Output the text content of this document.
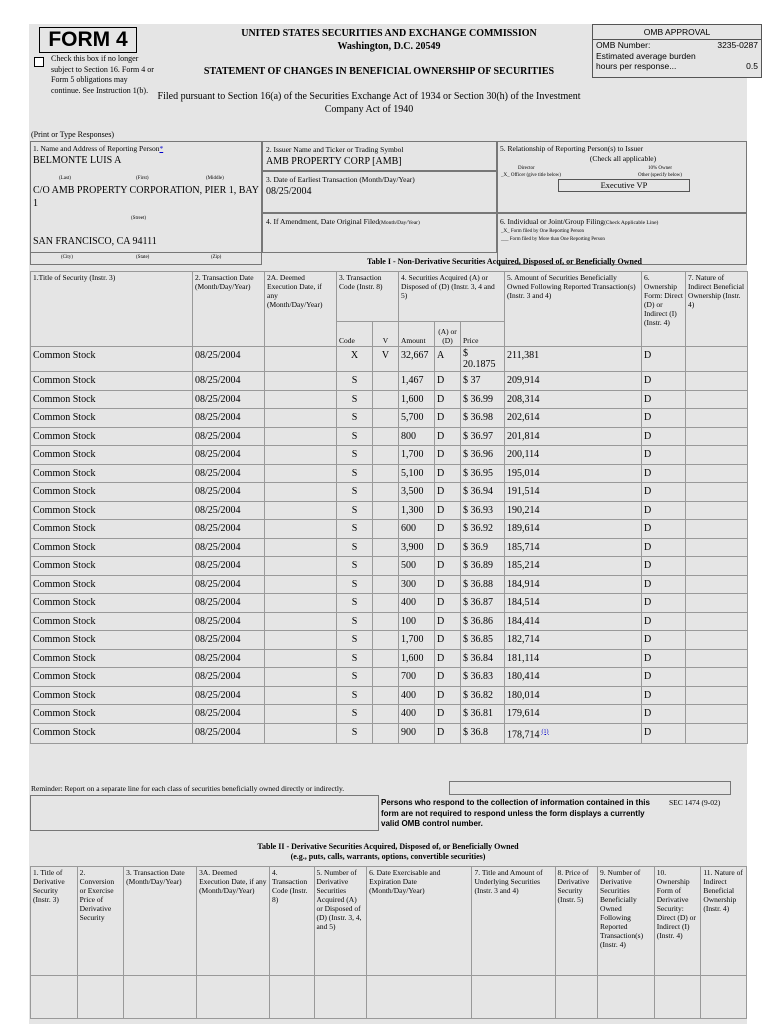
FORM 4
Check this box if no longer subject to Section 16. Form 4 or Form 5 obligations may continue. See Instruction 1(b).
UNITED STATES SECURITIES AND EXCHANGE COMMISSION
Washington, D.C. 20549
STATEMENT OF CHANGES IN BENEFICIAL OWNERSHIP OF SECURITIES
Filed pursuant to Section 16(a) of the Securities Exchange Act of 1934 or Section 30(h) of the Investment Company Act of 1940
OMB APPROVAL
OMB Number:	3235-0287
Estimated average burden
hours per response...	0.5
(Print or Type Responses)
1. Name and Address of Reporting Person*
BELMONTE LUIS A
(Last)	(First)	(Middle)
C/O AMB PROPERTY CORPORATION, PIER 1, BAY 1
(Street)
SAN FRANCISCO, CA 94111
(City)	(State)	(Zip)
2. Issuer Name and Ticker or Trading Symbol
AMB PROPERTY CORP [AMB]
3. Date of Earliest Transaction (Month/Day/Year)
08/25/2004
4. If Amendment, Date Original Filed(Month/Day/Year)
5. Relationship of Reporting Person(s) to Issuer
(Check all applicable)
Director	10% Owner
_X_ Officer (give title below)	Other (specify below)
Executive VP
6. Individual or Joint/Group Filing(Check Applicable Line)
_X_ Form filed by One Reporting Person
___ Form filed by More than One Reporting Person
Table I - Non-Derivative Securities Acquired, Disposed of, or Beneficially Owned
1.Title of Security (Instr. 3)	2. Transaction Date (Month/Day/Year)	2A. Deemed Execution Date, if any (Month/Day/Year)	3. Transaction Code (Instr. 8)		4. Securities Acquired (A) or Disposed of (D) (Instr. 3, 4 and 5)			5. Amount of Securities Beneficially Owned Following Reported Transaction(s) (Instr. 3 and 4)	6. Ownership Form: Direct (D) or Indirect (I) (Instr. 4)	7. Nature of Indirect Beneficial Ownership (Instr. 4)
			Code	V	Amount	(A) or (D)	Price			
Common Stock	08/25/2004		X	V	32,667	A	$ 20.1875	211,381	D	
Common Stock	08/25/2004		S		1,467	D	$ 37	209,914	D	
Common Stock	08/25/2004		S		1,600	D	$ 36.99	208,314	D	
Common Stock	08/25/2004		S		5,700	D	$ 36.98	202,614	D	
Common Stock	08/25/2004		S		800	D	$ 36.97	201,814	D	
Common Stock	08/25/2004		S		1,700	D	$ 36.96	200,114	D	
Common Stock	08/25/2004		S		5,100	D	$ 36.95	195,014	D	
Common Stock	08/25/2004		S		3,500	D	$ 36.94	191,514	D	
Common Stock	08/25/2004		S		1,300	D	$ 36.93	190,214	D	
Common Stock	08/25/2004		S		600	D	$ 36.92	189,614	D	
Common Stock	08/25/2004		S		3,900	D	$ 36.9	185,714	D	
Common Stock	08/25/2004		S		500	D	$ 36.89	185,214	D	
Common Stock	08/25/2004		S		300	D	$ 36.88	184,914	D	
Common Stock	08/25/2004		S		400	D	$ 36.87	184,514	D	
Common Stock	08/25/2004		S		100	D	$ 36.86	184,414	D	
Common Stock	08/25/2004		S		1,700	D	$ 36.85	182,714	D	
Common Stock	08/25/2004		S		1,600	D	$ 36.84	181,114	D	
Common Stock	08/25/2004		S		700	D	$ 36.83	180,414	D	
Common Stock	08/25/2004		S		400	D	$ 36.82	180,014	D	
Common Stock	08/25/2004		S		400	D	$ 36.81	179,614	D	
Common Stock	08/25/2004		S		900	D	$ 36.8	178,714 $^{(1)}$	D	
Reminder: Report on a separate line for each class of securities beneficially owned directly or indirectly.
Persons who respond to the collection of information contained in this form are not required to respond unless the form displays a currently valid OMB control number.
SEC 1474 (9-02)
Table II - Derivative Securities Acquired, Disposed of, or Beneficially Owned
(e.g., puts, calls, warrants, options, convertible securities)
1. Title of Derivative Security (Instr. 3)	2. Conversion or Exercise Price of Derivative Security	3. Transaction Date (Month/Day/Year)	3A. Deemed Execution Date, if any (Month/Day/Year)	4. Transaction Code (Instr. 8)	5. Number of Derivative Securities Acquired (A) or Disposed of (D) (Instr. 3, 4, and 5)	6. Date Exercisable and Expiration Date (Month/Day/Year)	7. Title and Amount of Underlying Securities (Instr. 3 and 4)	8. Price of Derivative Security (Instr. 5)	9. Number of Derivative Securities Beneficially Owned Following Reported Transaction(s) (Instr. 4)	10. Ownership Form of Derivative Security: Direct (D) or Indirect (I) (Instr. 4)	11. Nature of Indirect Beneficial Ownership (Instr. 4)
